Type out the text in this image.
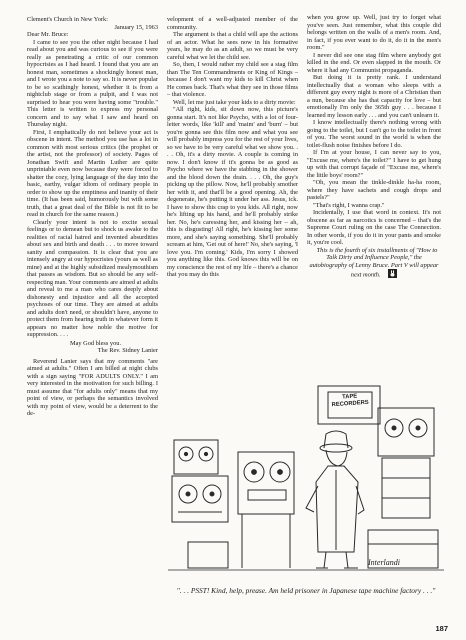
Clement's Church in New York:

January 15, 1963

Dear Mr. Bruce:

I came to see you the other night because I had read about you and was curious to see if you were really as penetrating a critic of our common hypocrisies as I had heard. I found that you are an honest man, sometimes a shockingly honest man, and I wrote you a note to say so. It is never popular to be so scathingly honest, whether it is from a nightclub stage or from a pulpit, and I was not surprised to hear you were having some "trouble." This letter is written to express my personal concern and to say what I saw and heard on Thursday night.

First, I emphatically do not believe your act is obscene in intent. The method you use has a lot in common with most serious critics (the prophet or the artist, not the professor) of society. Pages of Jonathan Swift and Martin Luther are quite unprintable even now because they were forced to shatter the cozy, lying language of the day into the basic, earthy, vulgar idiom of ordinary people in order to show up the emptiness and inanity of their time. (It has been said, humorously but with some truth, that a great deal of the Bible is not fit to be read in church for the same reason.)

Clearly your intent is not to excite sexual feelings or to demean but to shock us awake to the realities of racial hatred and invented absurdities about sex and birth and death . . . to move toward sanity and compassion. It is clear that you are intensely angry at our hypocrisies (yours as well as mine) and at the highly subsidized mealymouthism that passes as wisdom. But so should be any self-respecting man. Your comments are aimed at adults and reveal to me a man who cares deeply about dishonesty and injustice and all the accepted psychoses of our time. They are aimed at adults and adults don't need, or shouldn't have, anyone to protect them from hearing truth in whatever form it appears no matter how noble the motive for suppression. . . .

May God bless you.

The Rev. Sidney Lanier

Reverend Lanier says that my comments "are aimed at adults." Often I am billed at night clubs with a sign saying "FOR ADULTS ONLY." I am very interested in the motivation for such billing. I must assume that "for adults only" means that my point of view, or perhaps the semantics involved with my point of view, would be a deterrent to the de-

velopment of a well-adjusted member of the community.

The argument is that a child will ape the actions of an actor. What he sees now in his formative years, he may do as an adult, so we must be very careful what we let the child see.

So, then, I would rather my child see a stag film than The Ten Commandments or King of Kings – because I don't want my kids to kill Christ when He comes back. That's what they see in those films – that violence.

Well, let me just take your kids to a dirty movie:

"All right, kids, sit down now, this picture's gonna start. It's not like Psycho, with a lot of four-letter words, like 'kill' and 'maim' and 'burn' – but you're gonna see this film now and what you see will probably impress you for the rest of your lives, so we have to be very careful what we show you. . . . Oh, it's a dirty movie. A couple is coming in now. I don't know if it's gonna be as good as Psycho where we have the stabbing in the shower and the blood down the drain. . . . Oh, the guy's picking up the pillow. Now, he'll probably smother her with it, and that'll be a good opening. Ah, the degenerate, he's putting it under her ass. Jesus, ick. I have to show this crap to you kids. All right, now he's lifting up his hand, and he'll probably strike her. No, he's caressing her, and kissing her – ah, this is disgusting! All right, he's kissing her some more, and she's saying something. She'll probably scream at him, 'Get out of here!' No, she's saying, 'I love you. I'm coming.' Kids, I'm sorry I showed you anything like this. God knows this will be on my conscience the rest of my life – there's a chance that you may do this

when you grow up. Well, just try to forget what you've seen. Just remember, what this couple did belongs written on the walls of a men's room. And, in fact, if you ever want to do it, do it in the men's room."

I never did see one stag film where anybody got killed in the end. Or even slapped in the mouth. Or where it had any Communist propaganda.

But doing it is pretty rank. I understand intellectually that a woman who sleeps with a different guy every night is more of a Christian than a nun, because she has that capacity for love – but emotionally I'm only the 365th guy . . . because I learned my lesson early . . . and you can't unlearn it.

I know intellectually there's nothing wrong with going to the toilet, but I can't go to the toilet in front of you. The worst sound in the world is when the toilet-flush noise finishes before I do.

If I'm at your house, I can never say to you, "Excuse me, where's the toilet?" I have to get hung up with that corrupt façade of "Excuse me, where's the little boys' room?"

"Oh, you mean the tinkle-dinkle ha-ha room, where they have sachets and cough drops and pastels?"

"That's right, I wanna crap."

Incidentally, I use that word in context. It's not obscene as far as narcotics is concerned – that's the Supreme Court ruling on the case The Connection. In other words, if you do it in your pants and smoke it, you're cool.

This is the fourth of six installments of "How to Talk Dirty and Influence People," the autobiography of Lenny Bruce. Part V will appear next month.

TAPE RECORDERS
Interlandi
". . . PSST! Kind, help, prease. Am held prisoner in Japanese tape machine factory . . ."
187
